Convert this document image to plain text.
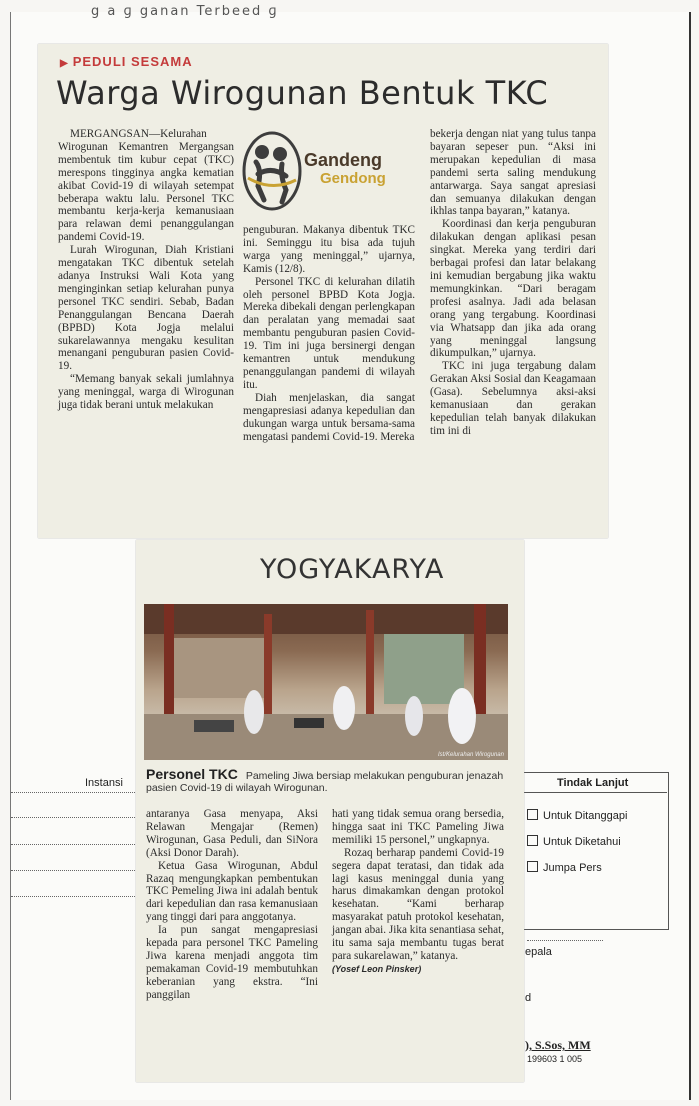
g a ɡ ganan Terbeed ɡ
Instansi	Tindak Lanjut
Untuk Ditanggapi
Untuk Diketahui
Jumpa Pers
epala
d
), S.Sos, MM
199603 1 005
▶ PEDULI SESAMA
Warga Wirogunan Bentuk TKC

MERGANGSAN—Kelurahan Wirogunan Kemantren Mergangsan membentuk tim kubur cepat (TKC) merespons tingginya angka kematian akibat Covid-19 di wilayah setempat beberapa waktu lalu. Personel TKC membantu kerja-kerja kemanusiaan para relawan demi penanggulangan pandemi Covid-19.

Lurah Wirogunan, Diah Kristiani mengatakan TKC dibentuk setelah adanya Instruksi Wali Kota yang menginginkan setiap kelurahan punya personel TKC sendiri. Sebab, Badan Penanggulangan Bencana Daerah (BPBD) Kota Jogja melalui sukarelawannya mengaku kesulitan menangani penguburan pasien Covid-19.

“Memang banyak sekali jumlahnya yang meninggal, warga di Wirogunan juga tidak berani untuk melakukan

Gandeng
Gendong

penguburan. Makanya dibentuk TKC ini. Seminggu itu bisa ada tujuh warga yang meninggal,” ujarnya, Kamis (12/8).

Personel TKC di kelurahan dilatih oleh personel BPBD Kota Jogja. Mereka dibekali dengan perlengkapan dan peralatan yang memadai saat membantu penguburan pasien Covid-19. Tim ini juga bersinergi dengan kemantren untuk mendukung penanggulangan pandemi di wilayah itu.

Diah menjelaskan, dia sangat mengapresiasi adanya kepedulian dan dukungan warga untuk bersama-sama mengatasi pandemi Covid-19. Mereka

bekerja dengan niat yang tulus tanpa bayaran sepeser pun. “Aksi ini merupakan kepedulian di masa pandemi serta saling mendukung antarwarga. Saya sangat apresiasi dan semuanya dilakukan dengan ikhlas tanpa bayaran,” katanya.

Koordinasi dan kerja penguburan dilakukan dengan aplikasi pesan singkat. Mereka yang terdiri dari berbagai profesi dan latar belakang ini kemudian bergabung jika waktu memungkinkan. “Dari beragam profesi asalnya. Jadi ada belasan orang yang tergabung. Koordinasi via Whatsapp dan jika ada orang yang meninggal langsung dikumpulkan,” ujarnya.

TKC ini juga tergabung dalam Gerakan Aksi Sosial dan Keagamaan (Gasa). Sebelumnya aksi-aksi kemanusiaan dan gerakan kepedulian telah banyak dilakukan tim ini di

YOGYAKARYA
Ist/Kelurahan Wirogunan
Personel TKC Pameling Jiwa bersiap melakukan penguburan jenazah pasien Covid-19 di wilayah Wirogunan.

antaranya Gasa menyapa, Aksi Relawan Mengajar (Remen) Wirogunan, Gasa Peduli, dan SiNora (Aksi Donor Darah).

Ketua Gasa Wirogunan, Abdul Razaq mengungkapkan pembentukan TKC Pemeling Jiwa ini adalah bentuk dari kepedulian dan rasa kemanusiaan yang tinggi dari para anggotanya.

Ia pun sangat mengapresiasi kepada para personel TKC Pameling Jiwa karena menjadi anggota tim pemakaman Covid-19 membutuhkan keberanian yang ekstra. “Ini panggilan

hati yang tidak semua orang bersedia, hingga saat ini TKC Pameling Jiwa memiliki 15 personel,” ungkapnya.

Rozaq berharap pandemi Covid-19 segera dapat teratasi, dan tidak ada lagi kasus meninggal dunia yang harus dimakamkan dengan protokol kesehatan. “Kami berharap masyarakat patuh protokol kesehatan, jangan abai. Jika kita senantiasa sehat, itu sama saja membantu tugas berat para sukarelawan,” katanya.

(Yosef Leon Pinsker)
